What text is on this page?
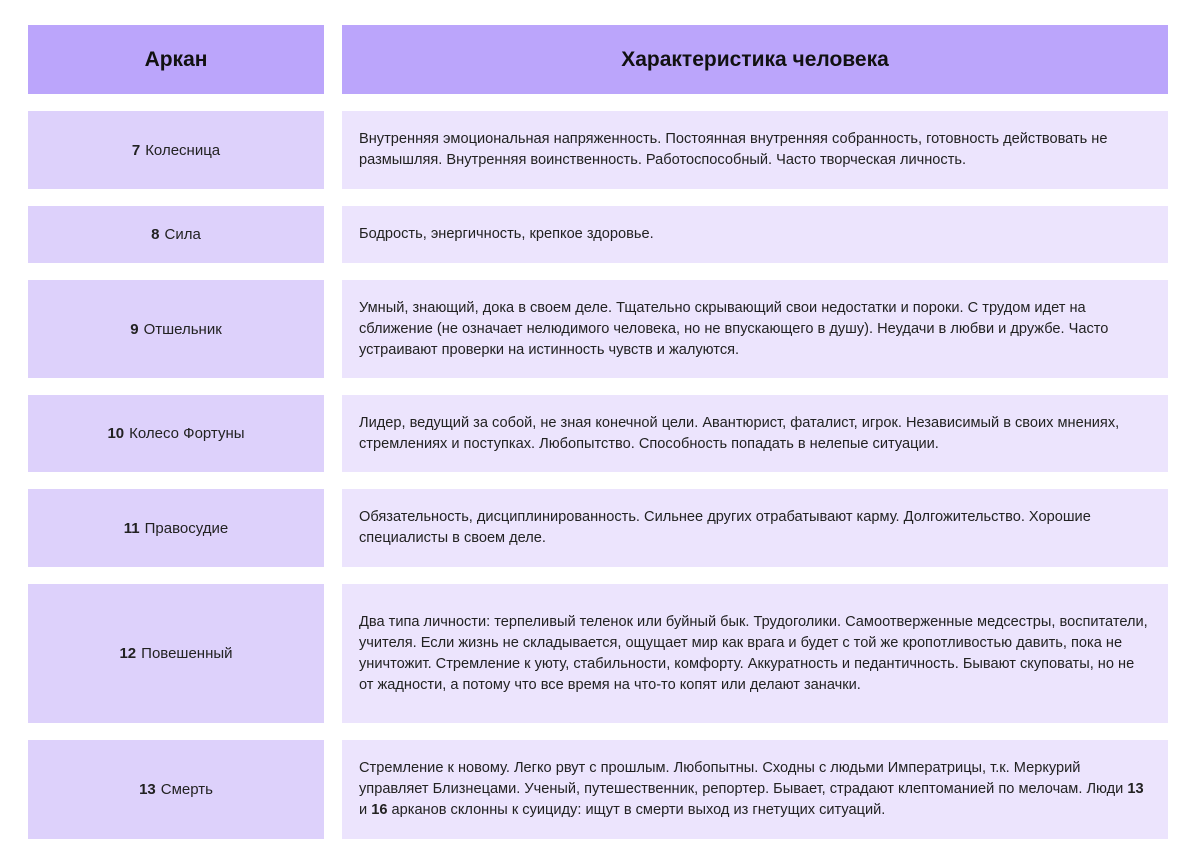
Аркан	Характеристика человека
7 Колесница
Внутренняя эмоциональная напряженность. Постоянная внутренняя собранность, готовность действовать не размышляя. Внутренняя воинственность. Работоспособный. Часто творческая личность.
8 Сила	Бодрость, энергичность, крепкое здоровье.
9 Отшельник
Умный, знающий, дока в своем деле. Тщательно скрывающий свои недостатки и пороки. С трудом идет на сближение (не означает нелюдимого человека, но не впускающего в душу). Неудачи в любви и дружбе. Часто устраивают проверки на истинность чувств и жалуются.
10 Колесо Фортуны
Лидер, ведущий за собой, не зная конечной цели. Авантюрист, фаталист, игрок. Независимый в своих мнениях, стремлениях и поступках. Любопытство. Способность попадать в нелепые ситуации.
11 Правосудие
Обязательность, дисциплинированность. Сильнее других отрабатывают карму. Долгожительство. Хорошие специалисты в своем деле.
12 Повешенный
Два типа личности: терпеливый теленок или буйный бык. Трудоголики. Самоотверженные медсестры, воспитатели, учителя. Если жизнь не складывается, ощущает мир как врага и будет с той же кропотливостью давить, пока не уничтожит. Стремление к уюту, стабильности, комфорту. Аккуратность и педантичность. Бывают скуповаты, но не от жадности, а потому что все время на что-то копят или делают заначки.
13 Смерть
Стремление к новому. Легко рвут с прошлым. Любопытны. Сходны с людьми Императрицы, т.к. Меркурий управляет Близнецами. Ученый, путешественник, репортер. Бывает, страдают клептоманией по мелочам. Люди 13 и 16 арканов склонны к суициду: ищут в смерти выход из гнетущих ситуаций.
